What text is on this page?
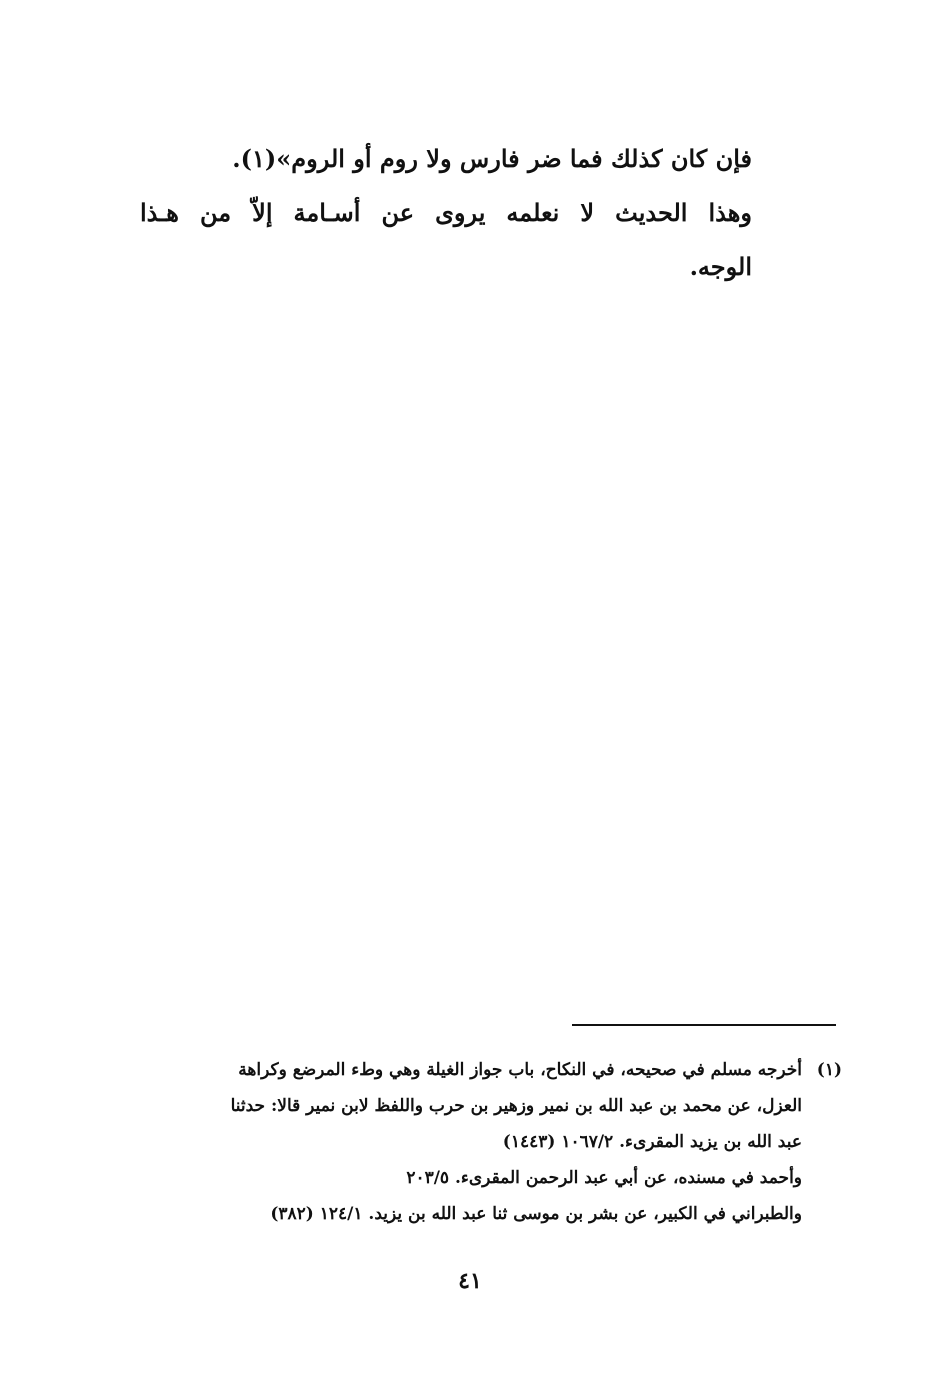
فإن كان كذلك فما ضر فارس ولا روم أو الروم»(١).
وهذا الحديث لا نعلمه يروى عن أسـامة إلاّ من هـذا
الوجه.
(١)
أخرجه مسلم في صحيحه، في النكاح، باب جواز الغيلة وهي وطء المرضع وكراهة
العزل، عن محمد بن عبد الله بن نمير وزهير بن حرب واللفظ لابن نمير قالا: حدثنا
عبد الله بن يزيد المقرىء. ١٠٦٧/٢ (١٤٤٣)
وأحمد في مسنده، عن أبي عبد الرحمن المقرىء. ٢٠٣/٥
والطبراني في الكبير، عن بشر بن موسى ثنا عبد الله بن يزيد. ١٢٤/١ (٣٨٢)
٤١
